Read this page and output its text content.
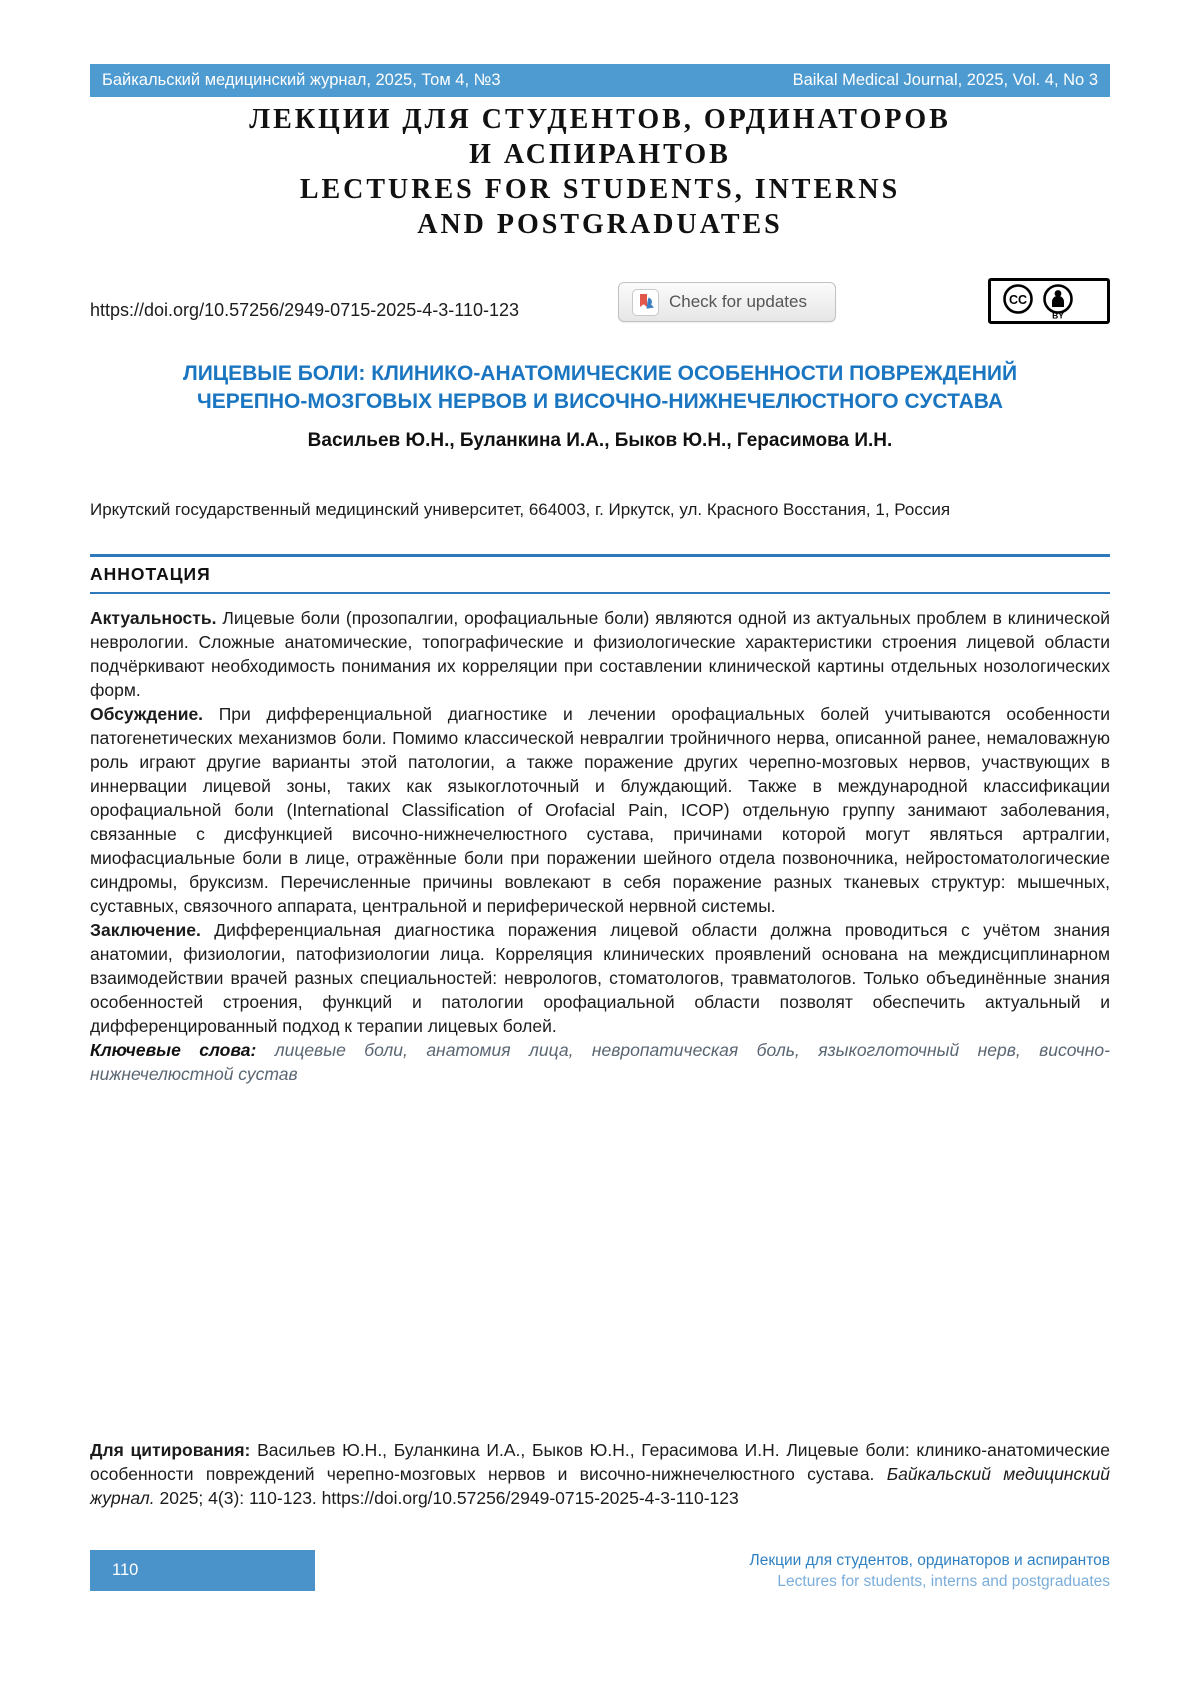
Байкальский медицинский журнал, 2025, Том 4, №3	Baikal Medical Journal, 2025, Vol. 4, No 3
ЛЕКЦИИ ДЛЯ СТУДЕНТОВ, ОРДИНАТОРОВ
И АСПИРАНТОВ
LECTURES FOR STUDENTS, INTERNS
AND POSTGRADUATES
https://doi.org/10.57256/2949-0715-2025-4-3-110-123	Check for updates	CC
BY
ЛИЦЕВЫЕ БОЛИ: КЛИНИКО-АНАТОМИЧЕСКИЕ ОСОБЕННОСТИ ПОВРЕЖДЕНИЙ
ЧЕРЕПНО-МОЗГОВЫХ НЕРВОВ И ВИСОЧНО-НИЖНЕЧЕЛЮСТНОГО СУСТАВА
Васильев Ю.Н., Буланкина И.А., Быков Ю.Н., Герасимова И.Н.
Иркутский государственный медицинский университет, 664003, г. Иркутск, ул. Красного Восстания, 1, Россия
АННОТАЦИЯ

Актуальность. Лицевые боли (прозопалгии, орофациальные боли) являются одной из актуальных проблем в клинической неврологии. Сложные анатомические, топографические и физиологические характеристики строения лицевой области подчёркивают необходимость понимания их корреляции при составлении клинической картины отдельных нозологических форм.

Обсуждение. При дифференциальной диагностике и лечении орофациальных болей учитываются особенности патогенетических механизмов боли. Помимо классической невралгии тройничного нерва, описанной ранее, немаловажную роль играют другие варианты этой патологии, а также поражение других черепно-мозговых нервов, участвующих в иннервации лицевой зоны, таких как языкоглоточный и блуждающий. Также в международной классификации орофациальной боли (International Classification of Orofacial Pain, ICOP) отдельную группу занимают заболевания, связанные с дисфункцией височно-нижнечелюстного сустава, причинами которой могут являться артралгии, миофасциальные боли в лице, отражённые боли при поражении шейного отдела позвоночника, нейростоматологические синдромы, бруксизм. Перечисленные причины вовлекают в себя поражение разных тканевых структур: мышечных, суставных, связочного аппарата, центральной и периферической нервной системы.

Заключение. Дифференциальная диагностика поражения лицевой области должна проводиться с учётом знания анатомии, физиологии, патофизиологии лица. Корреляция клинических проявлений основана на междисциплинарном взаимодействии врачей разных специальностей: неврологов, стоматологов, травматологов. Только объединённые знания особенностей строения, функций и патологии орофациальной области позволят обеспечить актуальный и дифференцированный подход к терапии лицевых болей.

Ключевые слова: лицевые боли, анатомия лица, невропатическая боль, языкоглоточный нерв, височно-нижнечелюстной сустав

Для цитирования: Васильев Ю.Н., Буланкина И.А., Быков Ю.Н., Герасимова И.Н. Лицевые боли: клинико-анатомические особенности повреждений черепно-мозговых нервов и височно-нижнечелюстного сустава. Байкальский медицинский журнал. 2025; 4(3): 110-123. https://doi.org/10.57256/2949-0715-2025-4-3-110-123

110
Лекции для студентов, ординаторов и аспирантов
Lectures for students, interns and postgraduates
